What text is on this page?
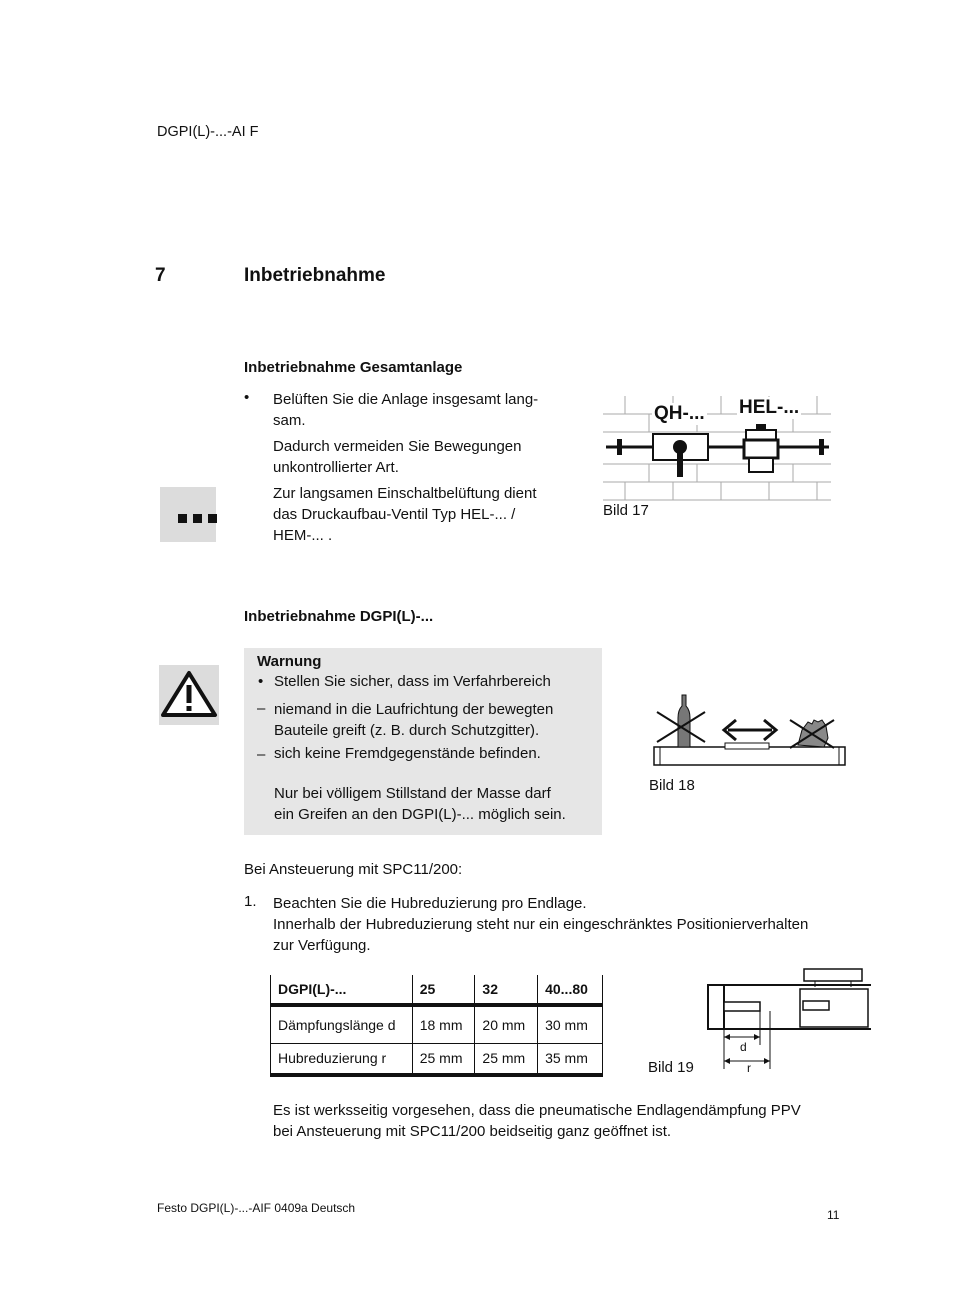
DGPI(L)-...-AI F
7	Inbetriebnahme
Inbetriebnahme Gesamtanlage
• Belüften Sie die Anlage insgesamt lang-
sam.
Dadurch vermeiden Sie Bewegungen
unkontrollierter Art.
Zur langsamen Einschaltbelüftung dient
das Druckaufbau-Ventil Typ HEL-... /
HEM-... .
QH-... HEL-...
Bild 17
Inbetriebnahme DGPI(L)-...
Warnung
• Stellen Sie sicher, dass im Verfahrbereich
– niemand in die Laufrichtung der bewegten
Bauteile greift (z. B. durch Schutzgitter).
– sich keine Fremdgegenstände befinden.
Nur bei völligem Stillstand der Masse darf
ein Greifen an den DGPI(L)-... möglich sein.
Bild 18
Bei Ansteuerung mit SPC11/200:
1. Beachten Sie die Hubreduzierung pro Endlage.
Innerhalb der Hubreduzierung steht nur ein eingeschränktes Positionierverhalten
zur Verfügung.
DGPI(L)-...	25	32	40...80
Dämpfungslänge d	18 mm	20 mm	30 mm
Hubreduzierung r	25 mm	25 mm	35 mm
d
r
Bild 19
Es ist werksseitig vorgesehen, dass die pneumatische Endlagendämpfung PPV
bei Ansteuerung mit SPC11/200 beidseitig ganz geöffnet ist.
Festo DGPI(L)-...-AIF 0409a Deutsch	11
